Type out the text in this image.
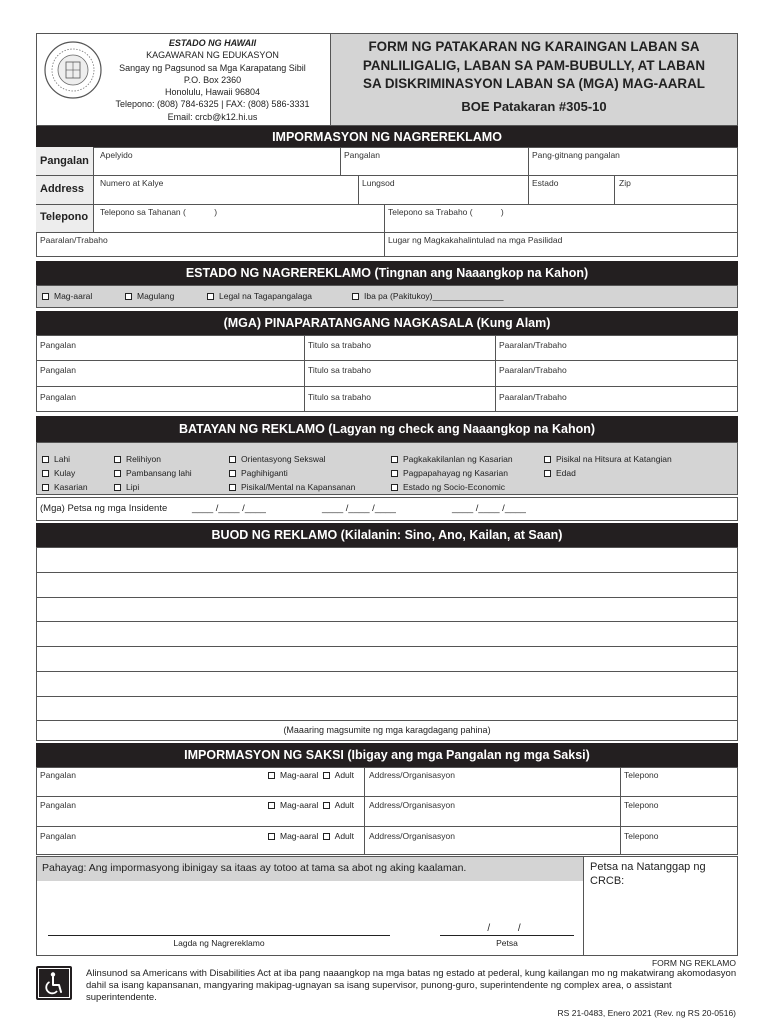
ESTADO NG HAWAII
KAGAWARAN NG EDUKASYON
Sangay ng Pagsunod sa Mga Karapatang Sibil
P.O. Box 2360
Honolulu, Hawaii 96804
Telepono: (808) 784-6325 | FAX: (808) 586-3331
Email: crcb@k12.hi.us
FORM NG PATAKARAN NG KARAINGAN LABAN SA
PANLILIGALIG, LABAN SA PAM-BUBULLY, AT LABAN
SA DISKRIMINASYON LABAN SA (MGA) MAG-AARAL
BOE Patakaran #305-10
IMPORMASYON NG NAGREREKLAMO
Pangalan Apelyido	Pangalan	Pang-gitnang pangalan
Address Numero at Kalye	Lungsod	Estado	Zip
Telepono Telepono sa Tahanan (            )	Telepono sa Trabaho (            )
Paaralan/Trabaho	Lugar ng Magkakahalintulad na mga Pasilidad
ESTADO NG NAGREREKLAMO (Tingnan ang Naaangkop na Kahon)
Mag-aaral	Magulang	Legal na Tagapangalaga	Iba pa (Pakitukoy)_______________
(MGA) PINAPARATANGANG NAGKASALA (Kung Alam)
Pangalan	Titulo sa trabaho	Paaralan/Trabaho
Pangalan	Titulo sa trabaho	Paaralan/Trabaho
Pangalan	Titulo sa trabaho	Paaralan/Trabaho
BATAYAN NG REKLAMO (Lagyan ng check ang Naaangkop na Kahon)
Lahi
Kulay
Kasarian
Relihiyon
Pambansang lahi
Lipi
Orientasyong Sekswal
Paghihiganti
Pisikal/Mental na Kapansanan
Pagkakakilanlan ng Kasarian
Pagpapahayag ng Kasarian
Estado ng Socio-Economic
Pisikal na Hitsura at Katangian
Edad
(Mga) Petsa ng mga Insidente	____ /____ /____	____ /____ /____	____ /____ /____
BUOD NG REKLAMO (Kilalanin: Sino, Ano, Kailan, at Saan)
(Maaaring magsumite ng mga karagdagang pahina)
IMPORMASYON NG SAKSI (Ibigay ang mga Pangalan ng mga Saksi)
Pangalan	Mag-aaral Adult Address/Organisasyon	Telepono
Pangalan	Mag-aaral Adult Address/Organisasyon	Telepono
Pangalan	Mag-aaral Adult Address/Organisasyon	Telepono
Pahayag: Ang impormasyong ibinigay sa itaas ay totoo at tama sa abot ng aking kaalaman.	Petsa na Natanggap ng CRCB:
Lagda ng Nagrereklamo
/          /
Petsa
FORM NG REKLAMO
Alinsunod sa Americans with Disabilities Act at iba pang naaangkop na mga batas ng estado at pederal, kung kailangan mo ng makatwirang akomodasyon dahil sa isang kapansanan, mangyaring makipag-ugnayan sa isang supervisor, punong-guro, superintendente ng complex area, o assistant superintendente.
RS 21-0483, Enero 2021 (Rev. ng RS 20-0516)
